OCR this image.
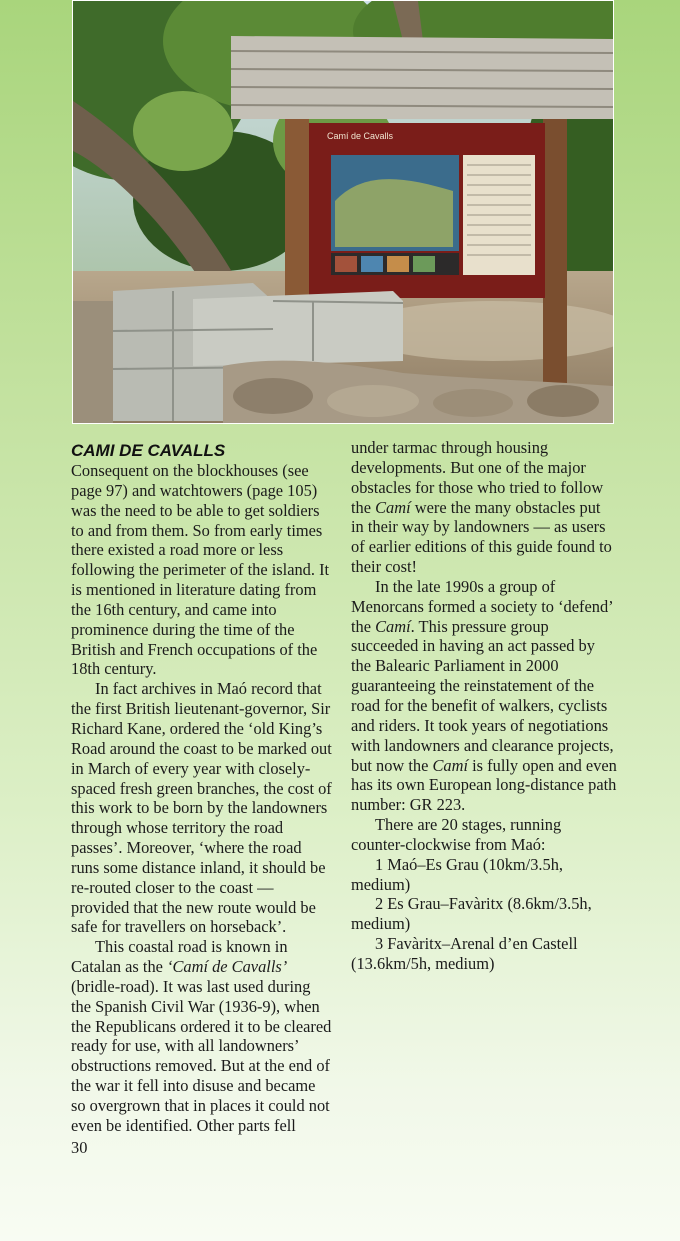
Camí de Cavalls
CAMI DE CAVALLS

Consequent on the blockhouses (see page 97) and watchtowers (page 105) was the need to be able to get soldiers to and from them. So from early times there existed a road more or less following the perimeter of the island. It is mentioned in literature dating from the 16th century, and came into prominence during the time of the British and French occupations of the 18th century.

In fact archives in Maó record that the first British lieutenant-governor, Sir Richard Kane, ordered the ‘old King’s Road around the coast to be marked out in March of every year with closely-spaced fresh green branches, the cost of this work to be born by the landowners through whose territory the road passes’. Moreover, ‘where the road runs some distance inland, it should be re-routed closer to the coast — provided that the new route would be safe for travellers on horseback’.

This coastal road is known in Catalan as the ‘Camí de Cavalls’ (bridle-road). It was last used during the Spanish Civil War (1936-9), when the Republicans ordered it to be cleared ready for use, with all landowners’ obstructions removed. But at the end of the war it fell into disuse and became so overgrown that in places it could not even be identified. Other parts fell

30

under tarmac through housing developments. But one of the major obstacles for those who tried to follow the Camí were the many obstacles put in their way by landowners — as users of earlier editions of this guide found to their cost!

In the late 1990s a group of Menorcans formed a society to ‘defend’ the Camí. This pressure group succeeded in having an act passed by the Balearic Parliament in 2000 guaranteeing the reinstatement of the road for the benefit of walkers, cyclists and riders. It took years of negotiations with landowners and clearance projects, but now the Camí is fully open and even has its own European long-distance path number: GR 223.

There are 20 stages, running counter-clockwise from Maó:

1 Maó–Es Grau (10km/3.5h, medium)

2 Es Grau–Favàritx (8.6km/3.5h, medium)

3 Favàritx–Arenal d’en Castell (13.6km/5h, medium)
